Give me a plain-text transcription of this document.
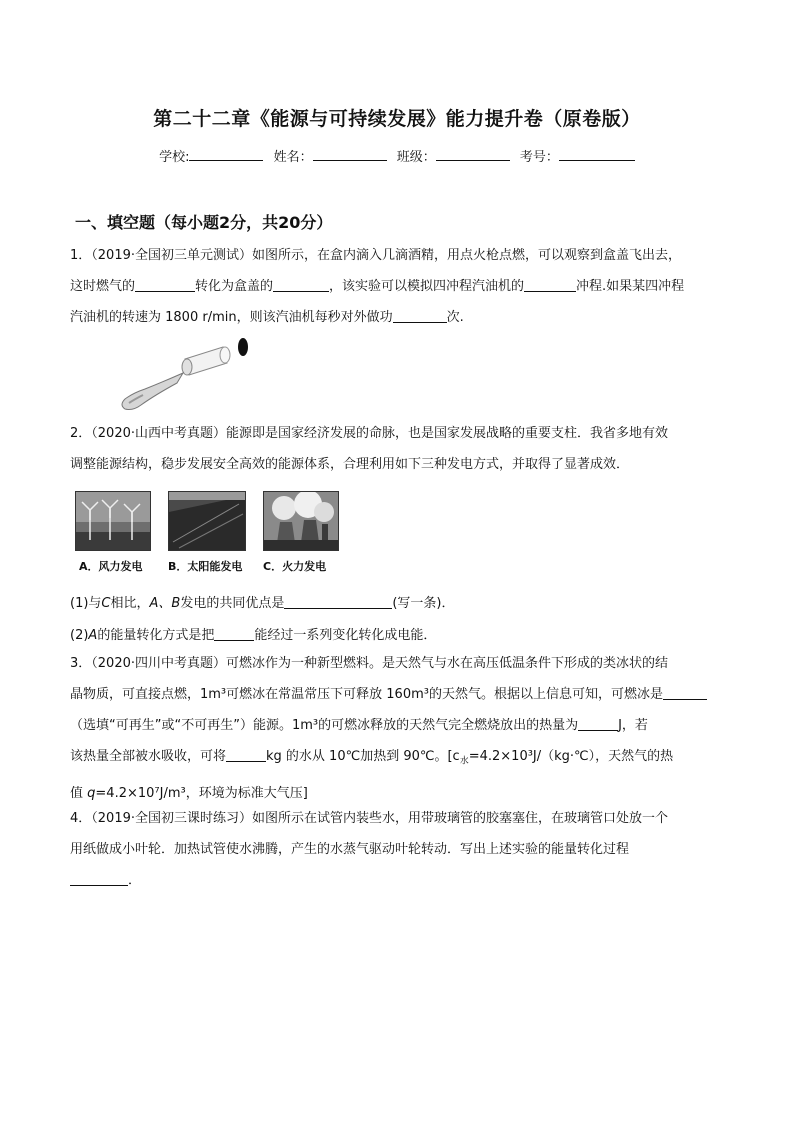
第二十二章《能源与可持续发展》能力提升卷（原卷版）
学校:	姓名：	班级：	考号：
一、填空题（每小题2分，共20分）
1．（2019·全国初三单元测试）如图所示，在盒内滴入几滴酒精，用点火枪点燃，可以观察到盒盖飞出去，
这时燃气的	转化为盒盖的	，该实验可以模拟四冲程汽油机的	冲程.如果某四冲程
汽油机的转速为 1800 r/min，则该汽油机每秒对外做功	次.
2．（2020·山西中考真题）能源即是国家经济发展的命脉，也是国家发展战略的重要支柱．我省多地有效
调整能源结构，稳步发展安全高效的能源体系，合理利用如下三种发电方式，并取得了显著成效．
A．风力发电 B．太阳能发电 C．火力发电
(1)与C相比，A、B发电的共同优点是	(写一条)．
(2)A的能量转化方式是把	能经过一系列变化转化成电能．
3．（2020·四川中考真题）可燃冰作为一种新型燃料。是天然气与水在高压低温条件下形成的类冰状的结
晶物质，可直接点燃，1m³可燃冰在常温常压下可释放 160m³的天然气。根据以上信息可知，可燃冰是
（选填“可再生”或“不可再生”）能源。1m³的可燃冰释放的天然气完全燃烧放出的热量为	J，若
该热量全部被水吸收，可将	kg 的水从 10℃加热到 90℃。[$c_水=4.2\times 10^3J/(kg\cdot℃)$，天然气的热
值 q=4.2×10⁷J/m³，环境为标准大气压]
4．（2019·全国初三课时练习）如图所示在试管内装些水，用带玻璃管的胶塞塞住，在玻璃管口处放一个
用纸做成小叶轮．加热试管使水沸腾，产生的水蒸气驱动叶轮转动．写出上述实验的能量转化过程
．
